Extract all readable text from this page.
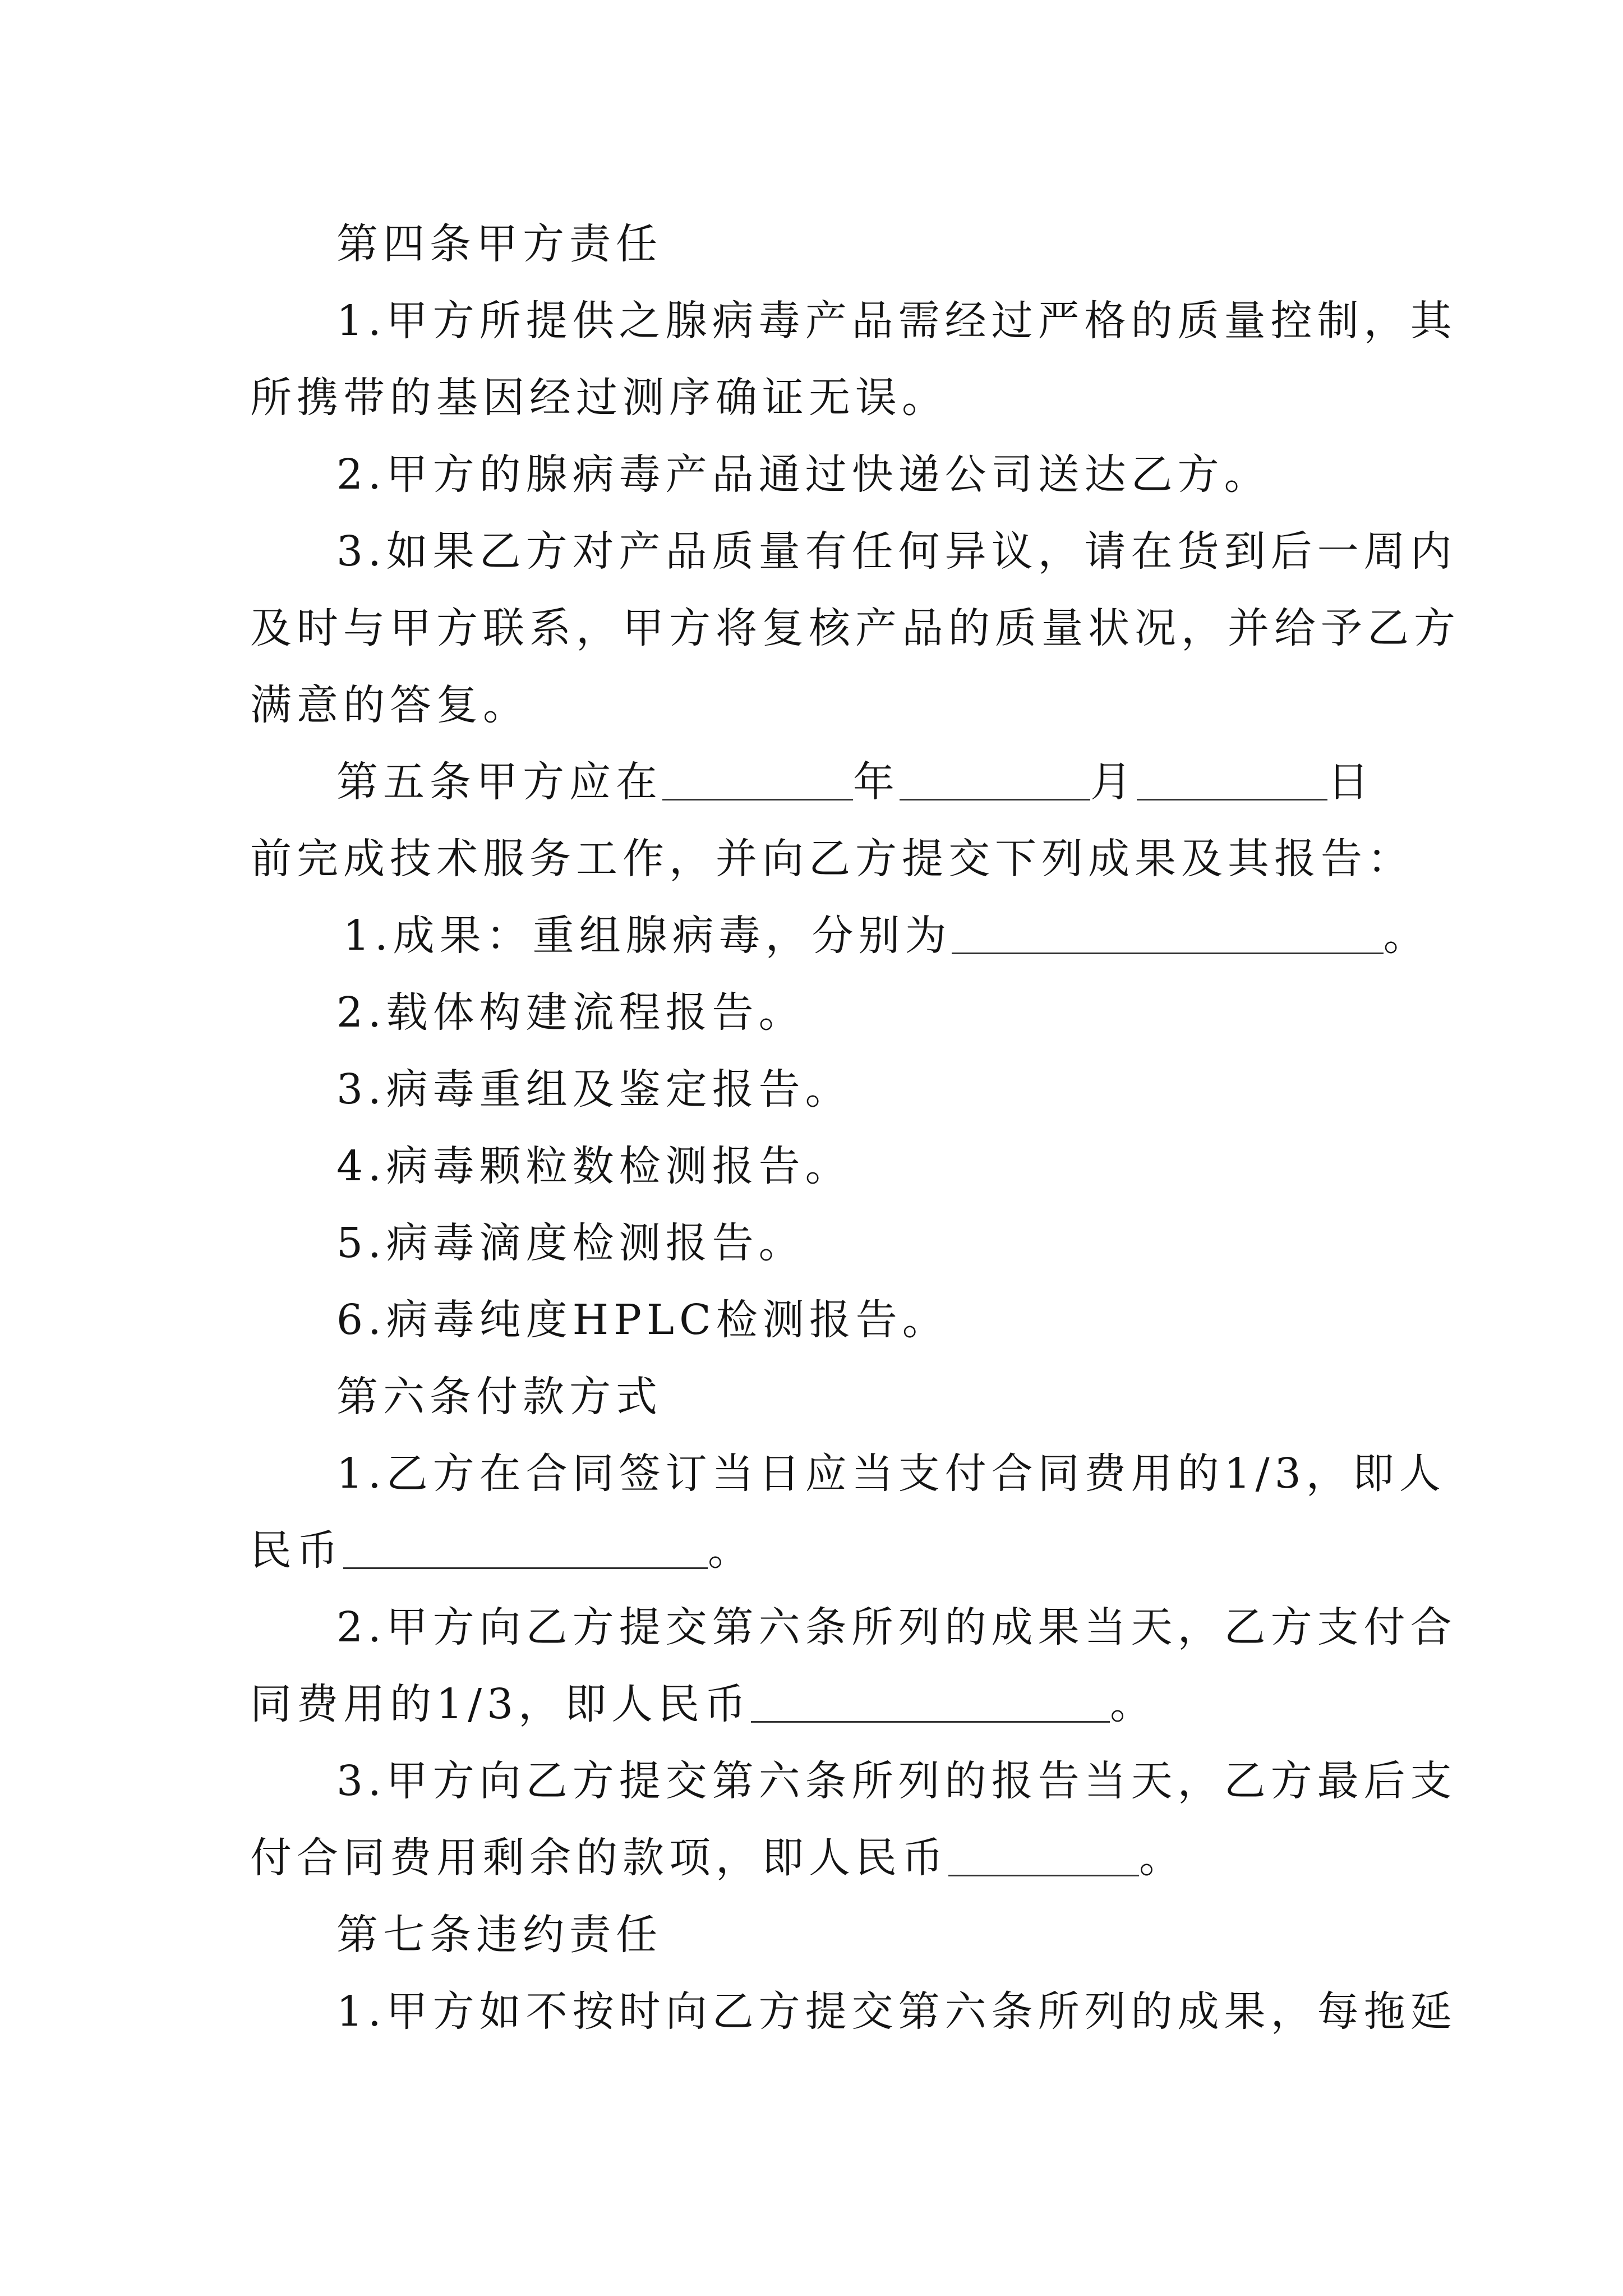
第四条甲方责任
1.甲方所提供之腺病毒产品需经过严格的质量控制，其
所携带的基因经过测序确证无误。
2.甲方的腺病毒产品通过快递公司送达乙方。
3.如果乙方对产品质量有任何异议，请在货到后一周内
及时与甲方联系，甲方将复核产品的质量状况，并给予乙方
满意的答复。
第五条甲方应在	年	月	日
前完成技术服务工作，并向乙方提交下列成果及其报告：
1.成果：重组腺病毒，分别为	。
2.载体构建流程报告。
3.病毒重组及鉴定报告。
4.病毒颗粒数检测报告。
5.病毒滴度检测报告。
6.病毒纯度HPLC检测报告。
第六条付款方式
1.乙方在合同签订当日应当支付合同费用的1/3，即人
民币	。
2.甲方向乙方提交第六条所列的成果当天，乙方支付合
同费用的1/3，即人民币	。
3.甲方向乙方提交第六条所列的报告当天，乙方最后支
付合同费用剩余的款项，即人民币	。
第七条违约责任
1.甲方如不按时向乙方提交第六条所列的成果，每拖延
